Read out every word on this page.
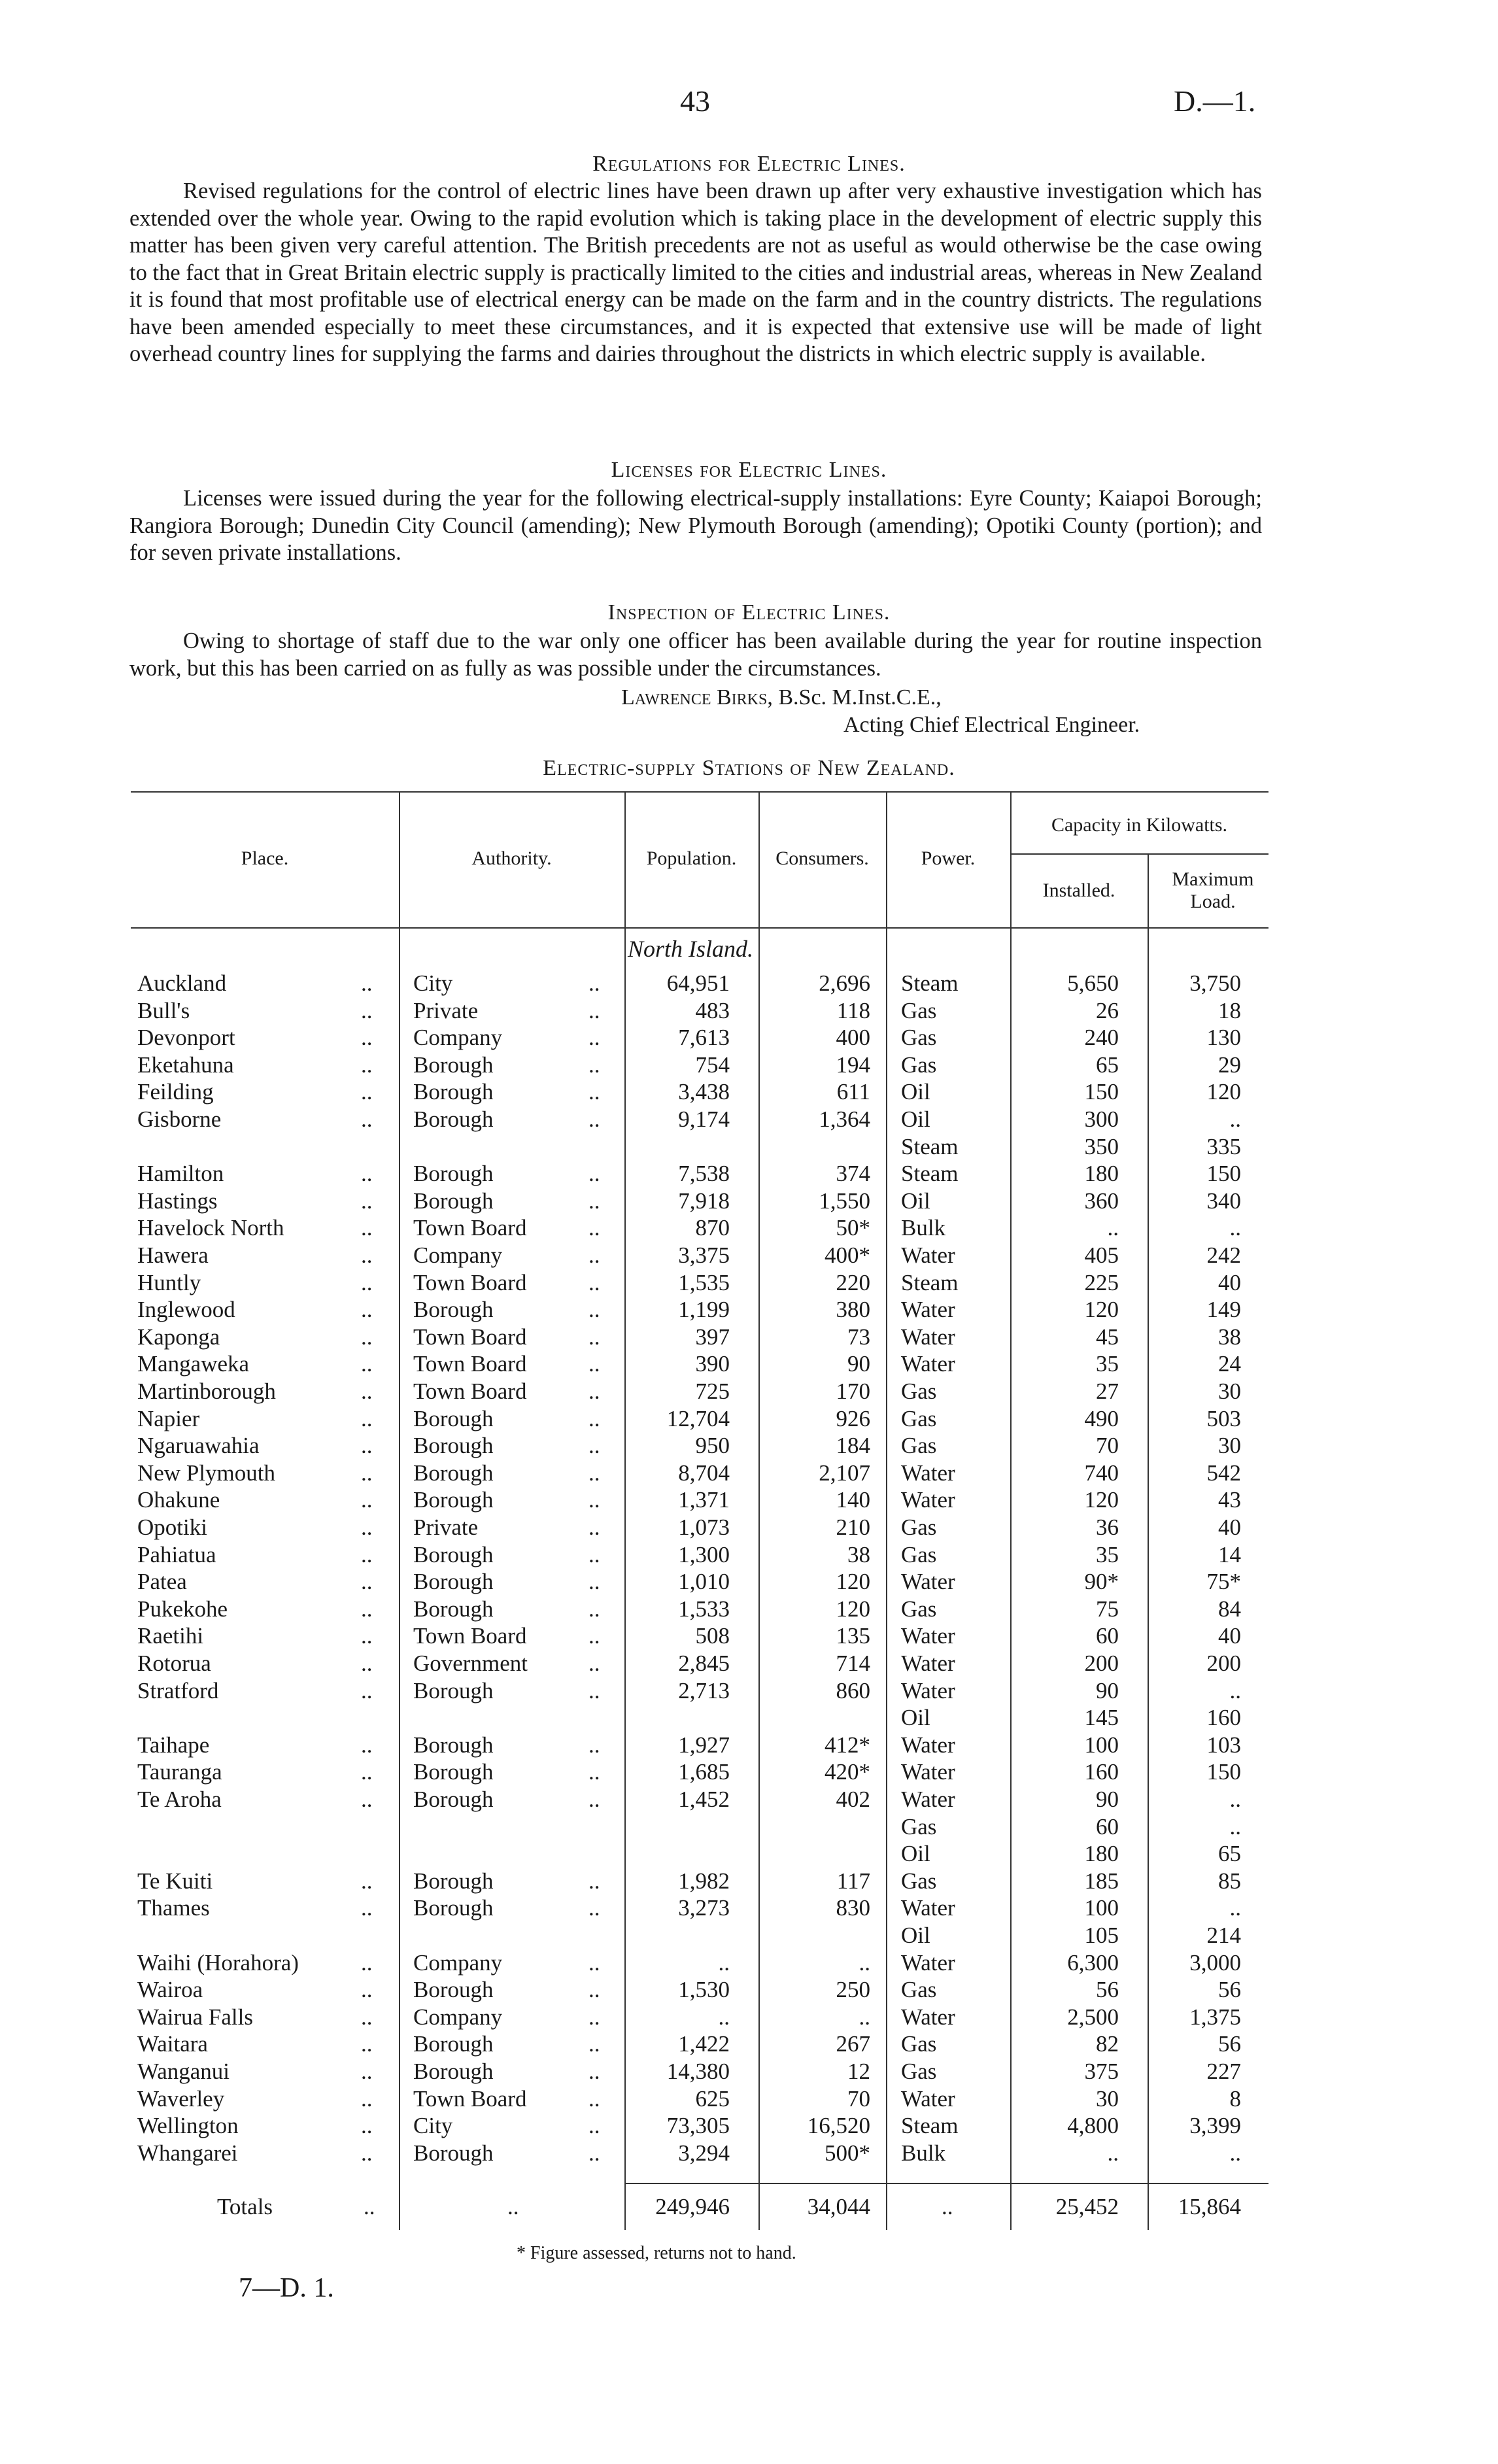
43	D.—1.
Regulations for Electric Lines.
Revised regulations for the control of electric lines have been drawn up after very exhaustive investigation which has extended over the whole year. Owing to the rapid evolution which is taking place in the development of electric supply this matter has been given very careful attention. The British precedents are not as useful as would otherwise be the case owing to the fact that in Great Britain electric supply is practically limited to the cities and industrial areas, whereas in New Zealand it is found that most profitable use of electrical energy can be made on the farm and in the country districts. The regulations have been amended especially to meet these circumstances, and it is expected that extensive use will be made of light overhead country lines for supplying the farms and dairies throughout the districts in which electric supply is available.
Licenses for Electric Lines.
Licenses were issued during the year for the following electrical-supply installations: Eyre County; Kaiapoi Borough; Rangiora Borough; Dunedin City Council (amending); New Plymouth Borough (amending); Opotiki County (portion); and for seven private installations.
Inspection of Electric Lines.
Owing to shortage of staff due to the war only one officer has been available during the year for routine inspection work, but this has been carried on as fully as was possible under the circumstances.
Lawrence Birks, B.Sc. M.Inst.C.E.,
Acting Chief Electrical Engineer.
Electric-supply Stations of New Zealand.
Place.	Authority.	Population.	Consumers.	Power.
Capacity in Kilowatts.
Installed.
Maximum Load.
North Island.
Auckland	.. City	..	64,951	2,696 Steam	5,650	3,750
Bull's	.. Private	..	483	118 Gas	26	18
Devonport	.. Company	..	7,613	400 Gas	240	130
Eketahuna	.. Borough	..	754	194 Gas	65	29
Feilding	.. Borough	..	3,438	611 Oil	150	120
Gisborne	.. Borough	..	9,174	1,364 Oil	300	..
Steam	350	335
Hamilton	.. Borough	..	7,538	374 Steam	180	150
Hastings	.. Borough	..	7,918	1,550 Oil	360	340
Havelock North	.. Town Board	..	870	50* Bulk	..	..
Hawera	.. Company	..	3,375	400* Water	405	242
Huntly	.. Town Board	..	1,535	220 Steam	225	40
Inglewood	.. Borough	..	1,199	380 Water	120	149
Kaponga	.. Town Board	..	397	73 Water	45	38
Mangaweka	.. Town Board	..	390	90 Water	35	24
Martinborough	.. Town Board	..	725	170 Gas	27	30
Napier	.. Borough	..	12,704	926 Gas	490	503
Ngaruawahia	.. Borough	..	950	184 Gas	70	30
New Plymouth	.. Borough	..	8,704	2,107 Water	740	542
Ohakune	.. Borough	..	1,371	140 Water	120	43
Opotiki	.. Private	..	1,073	210 Gas	36	40
Pahiatua	.. Borough	..	1,300	38 Gas	35	14
Patea	.. Borough	..	1,010	120 Water	90*	75*
Pukekohe	.. Borough	..	1,533	120 Gas	75	84
Raetihi	.. Town Board	..	508	135 Water	60	40
Rotorua	.. Government	..	2,845	714 Water	200	200
Stratford	.. Borough	..	2,713	860 Water	90	..
Oil	145	160
Taihape	.. Borough	..	1,927	412* Water	100	103
Tauranga	.. Borough	..	1,685	420* Water	160	150
Te Aroha	.. Borough	..	1,452	402 Water	90	..
Gas	60	..
Oil	180	65
Te Kuiti	.. Borough	..	1,982	117 Gas	185	85
Thames	.. Borough	..	3,273	830 Water	100	..
Oil	105	214
Waihi (Horahora)	.. Company	..	..	.. Water	6,300	3,000
Wairoa	.. Borough	..	1,530	250 Gas	56	56
Wairua Falls	.. Company	..	..	.. Water	2,500	1,375
Waitara	.. Borough	..	1,422	267 Gas	82	56
Wanganui	.. Borough	..	14,380	12 Gas	375	227
Waverley	.. Town Board	..	625	70 Water	30	8
Wellington	.. City	..	73,305	16,520 Steam	4,800	3,399
Whangarei	.. Borough	..	3,294	500* Bulk	..	..
Totals	..	..	249,946	34,044	..	25,452	15,864
* Figure assessed, returns not to hand.
7—D. 1.
